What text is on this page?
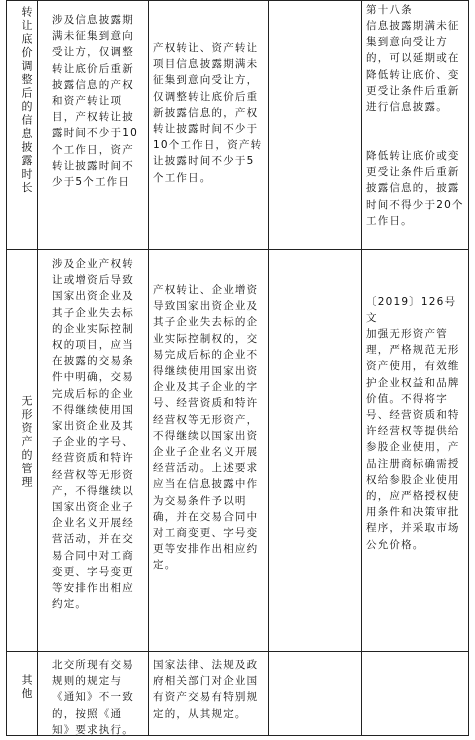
转让底价调整后的信息披露时长 涉及信息披露期满未征集到意向受让方，仅调整转让底价后重新披露信息的产权和资产转让项目，产权转让披露时间不少于10个工作日，资产转让披露时间不少于5个工作日
产权转让、资产转让项目信息披露期满未征集到意向受让方，仅调整转让底价后重新披露信息的，产权转让披露时间不少于10个工作日，资产转让披露时间不少于5个工作日。
第十八条
信息披露期满未征集到意向受让方的，可以延期或在降低转让底价、变更受让条件后重新进行信息披露。
降低转让底价或变更受让条件后重新披露信息的，披露时间不得少于20个工作日。
无形资产的管理
涉及企业产权转让或增资后导致国家出资企业及其子企业失去标的企业实际控制权的项目，应当在披露的交易条件中明确，交易完成后标的企业不得继续使用国家出资企业及其子企业的字号、经营资质和特许经营权等无形资产，不得继续以国家出资企业子企业名义开展经营活动，并在交易合同中对工商变更、字号变更等安排作出相应约定。
产权转让、企业增资导致国家出资企业及其子企业失去标的企业实际控制权的，交易完成后标的企业不得继续使用国家出资企业及其子企业的字号、经营资质和特许经营权等无形资产，不得继续以国家出资企业子企业名义开展经营活动。上述要求应当在信息披露中作为交易条件予以明确，并在交易合同中对工商变更、字号变更等安排作出相应约定。
〔2019〕126号文
加强无形资产管理，严格规范无形资产使用，有效维护企业权益和品牌价值。不得将字号、经营资质和特许经营权等提供给参股企业使用，产品注册商标确需授权给参股企业使用的，应严格授权使用条件和决策审批程序，并采取市场公允价格。
其他
北交所现有交易规则的规定与《通知》不一致的，按照《通知》要求执行。
国家法律、法规及政府相关部门对企业国有资产交易有特别规定的，从其规定。
